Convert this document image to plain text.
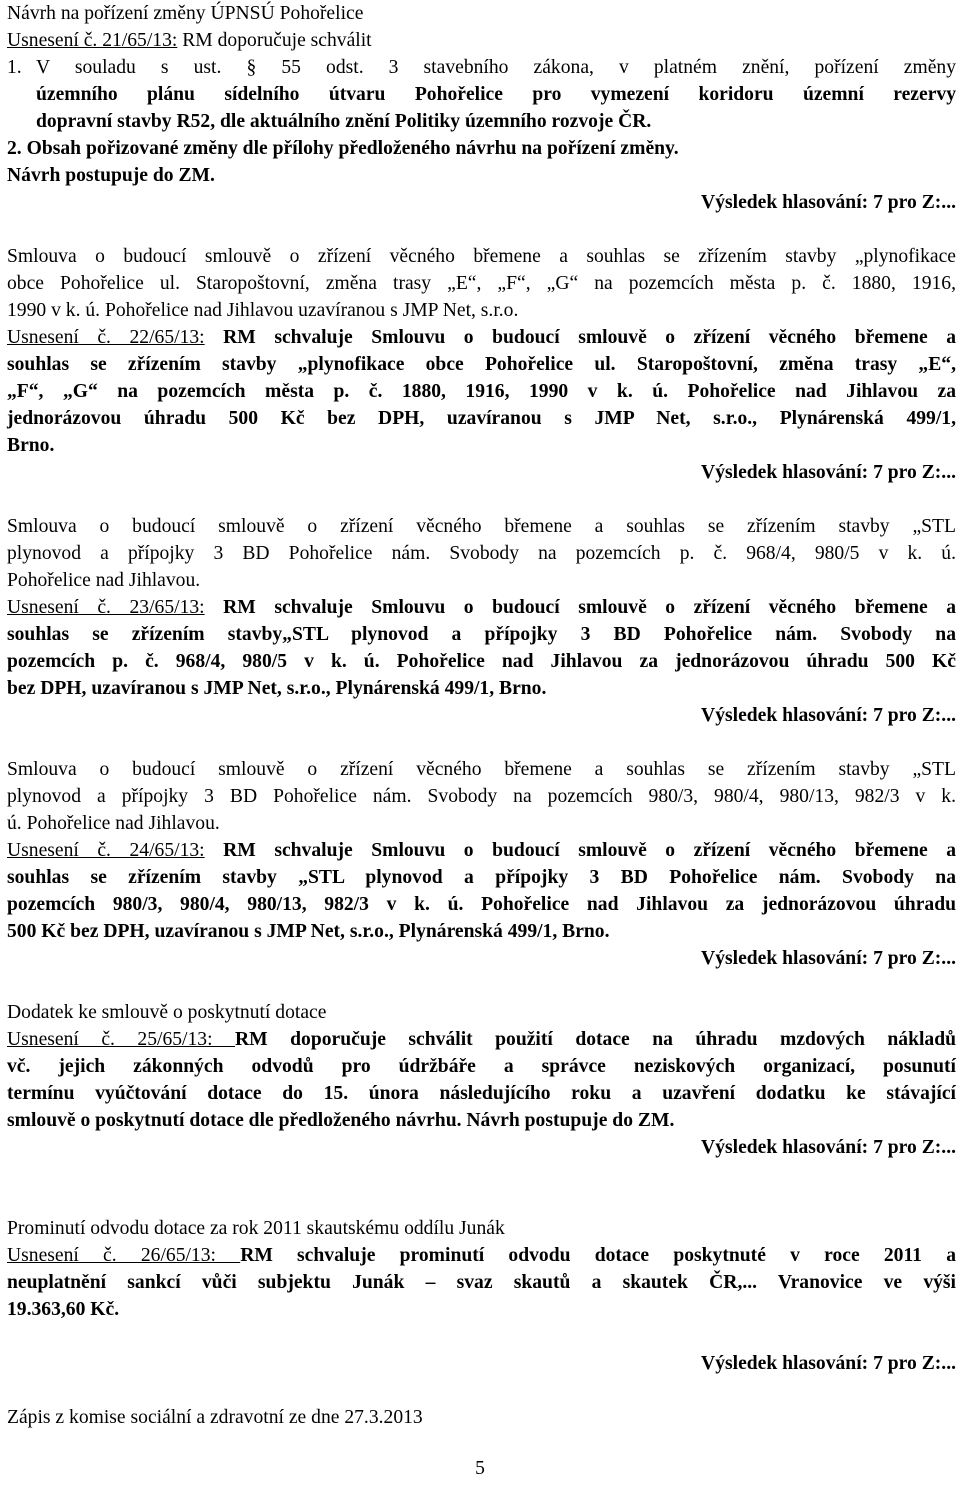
Návrh na pořízení změny ÚPNSÚ Pohořelice
Usnesení č. 21/65/13: RM doporučuje schválit
1. V souladu s ust. § 55 odst. 3 stavebního zákona, v platném znění, pořízení změny
územního plánu sídelního útvaru Pohořelice pro vymezení koridoru územní rezervy
dopravní stavby R52, dle aktuálního znění Politiky územního rozvoje ČR.
2. Obsah pořizované změny dle přílohy předloženého návrhu na pořízení změny.
Návrh postupuje do ZM.
Výsledek hlasování: 7 pro Z:...
Smlouva o budoucí smlouvě o zřízení věcného břemene a souhlas se zřízením stavby „plynofikace
obce Pohořelice ul. Staropoštovní, změna trasy „E“, „F“, „G“ na pozemcích města p. č. 1880, 1916,
1990 v k. ú. Pohořelice nad Jihlavou uzavíranou s JMP Net, s.r.o.
Usnesení č. 22/65/13: RM schvaluje Smlouvu o budoucí smlouvě o zřízení věcného břemene a
souhlas se zřízením stavby „plynofikace obce Pohořelice ul. Staropoštovní, změna trasy „E“,
„F“, „G“ na pozemcích města p. č. 1880, 1916, 1990 v k. ú. Pohořelice nad Jihlavou za
jednorázovou úhradu 500 Kč bez DPH, uzavíranou s JMP Net, s.r.o., Plynárenská 499/1,
Brno.
Výsledek hlasování: 7 pro Z:...
Smlouva o budoucí smlouvě o zřízení věcného břemene a souhlas se zřízením stavby „STL
plynovod a přípojky 3 BD Pohořelice nám. Svobody na pozemcích p. č. 968/4, 980/5 v k. ú.
Pohořelice nad Jihlavou.
Usnesení č. 23/65/13: RM schvaluje Smlouvu o budoucí smlouvě o zřízení věcného břemene a
souhlas se zřízením stavby„STL plynovod a přípojky 3 BD Pohořelice nám. Svobody na
pozemcích p. č. 968/4, 980/5 v k. ú. Pohořelice nad Jihlavou za jednorázovou úhradu 500 Kč
bez DPH, uzavíranou s JMP Net, s.r.o., Plynárenská 499/1, Brno.
Výsledek hlasování: 7 pro Z:...
Smlouva o budoucí smlouvě o zřízení věcného břemene a souhlas se zřízením stavby „STL
plynovod a přípojky 3 BD Pohořelice nám. Svobody na pozemcích 980/3, 980/4, 980/13, 982/3 v k.
ú. Pohořelice nad Jihlavou.
Usnesení č. 24/65/13: RM schvaluje Smlouvu o budoucí smlouvě o zřízení věcného břemene a
souhlas se zřízením stavby „STL plynovod a přípojky 3 BD Pohořelice nám. Svobody na
pozemcích 980/3, 980/4, 980/13, 982/3 v k. ú. Pohořelice nad Jihlavou za jednorázovou úhradu
500 Kč bez DPH, uzavíranou s JMP Net, s.r.o., Plynárenská 499/1, Brno.
Výsledek hlasování: 7 pro Z:...
Dodatek ke smlouvě o poskytnutí dotace
Usnesení č. 25/65/13: RM doporučuje schválit použití dotace na úhradu mzdových nákladů
vč. jejich zákonných odvodů pro údržbáře a správce neziskových organizací, posunutí
termínu vyúčtování dotace do 15. února následujícího roku a uzavření dodatku ke stávající
smlouvě o poskytnutí dotace dle předloženého návrhu. Návrh postupuje do ZM.
Výsledek hlasování: 7 pro Z:...
Prominutí odvodu dotace za rok 2011 skautskému oddílu Junák
Usnesení č. 26/65/13: RM schvaluje prominutí odvodu dotace poskytnuté v roce 2011 a
neuplatnění sankcí vůči subjektu Junák – svaz skautů a skautek ČR,... Vranovice ve výši
19.363,60 Kč.
Výsledek hlasování: 7 pro Z:...
Zápis z komise sociální a zdravotní ze dne 27.3.2013
5
